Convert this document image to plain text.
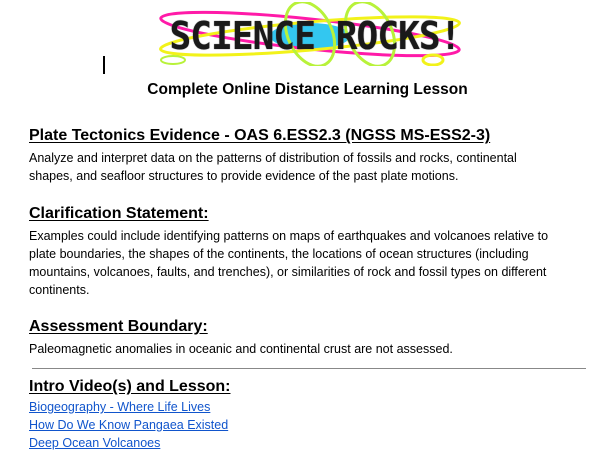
SCIENCE ROCKS!
Complete Online Distance Learning Lesson
Plate Tectonics Evidence - OAS 6.ESS2.3 (NGSS MS-ESS2-3)
Analyze and interpret data on the patterns of distribution of fossils and rocks, continental
shapes, and seafloor structures to provide evidence of the past plate motions.
Clarification Statement:
Examples could include identifying patterns on maps of earthquakes and volcanoes relative to
plate boundaries, the shapes of the continents, the locations of ocean structures (including
mountains, volcanoes, faults, and trenches), or similarities of rock and fossil types on different
continents.
Assessment Boundary:
Paleomagnetic anomalies in oceanic and continental crust are not assessed.
Intro Video(s) and Lesson:
Biogeography - Where Life Lives
How Do We Know Pangaea Existed
Deep Ocean Volcanoes
